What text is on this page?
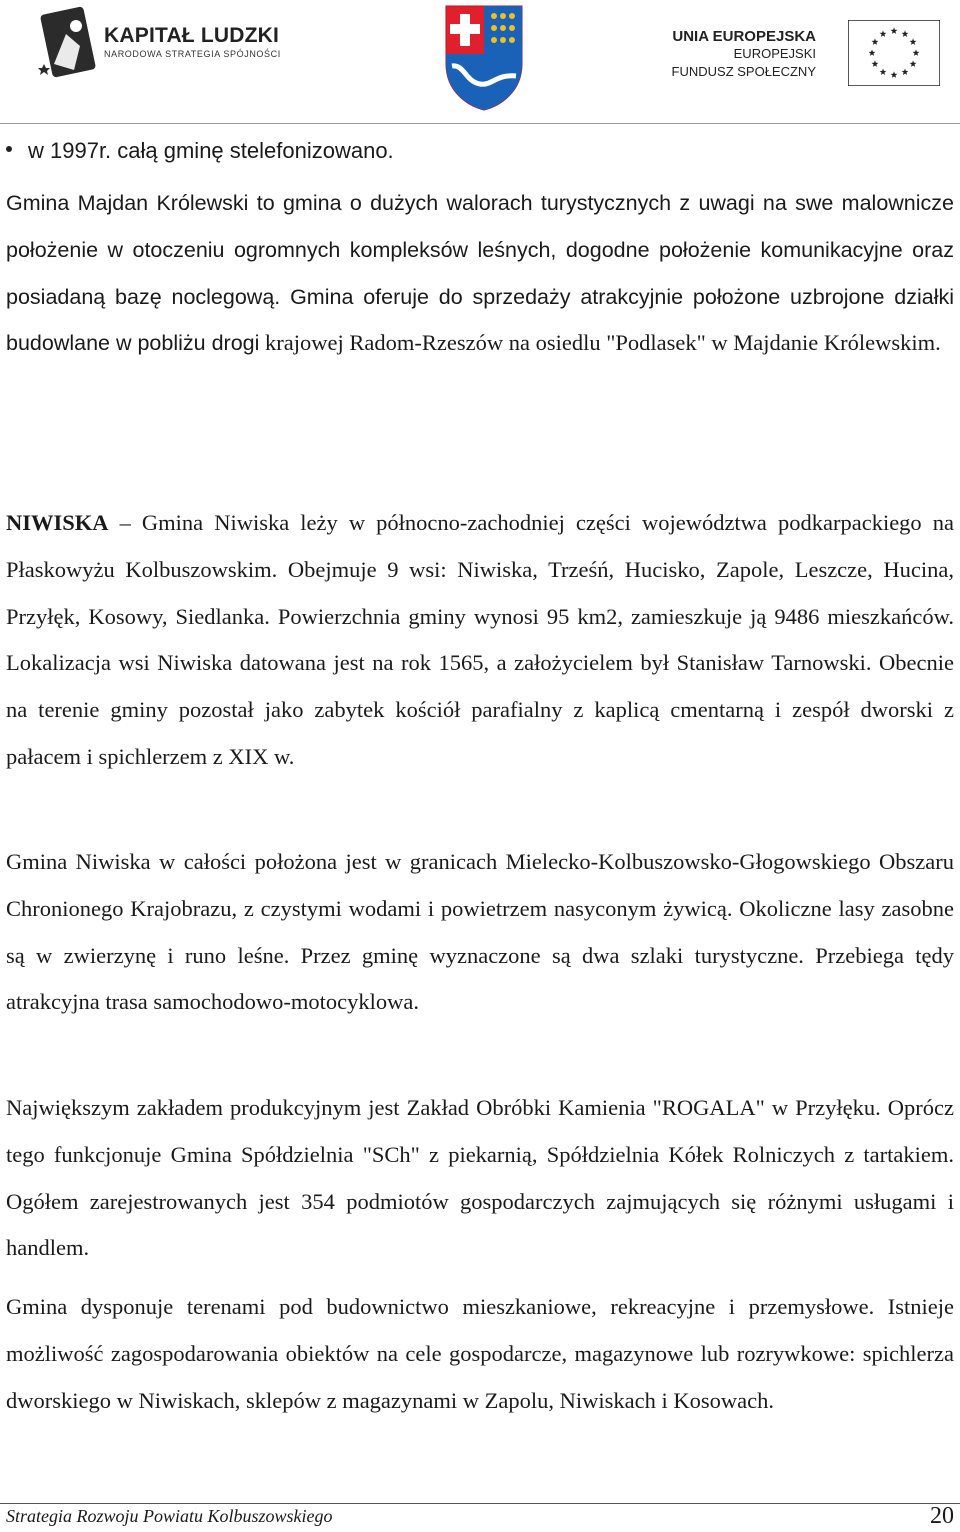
KAPITAŁ LUDZKI
NARODOWA STRATEGIA SPÓJNOŚCI
UNIA EUROPEJSKA
EUROPEJSKI
FUNDUSZ SPOŁECZNY
w 1997r. całą gminę stelefonizowano.

Gmina Majdan Królewski to gmina o dużych walorach turystycznych z uwagi na swe malownicze położenie w otoczeniu ogromnych kompleksów leśnych, dogodne położenie komunikacyjne oraz posiadaną bazę noclegową. Gmina oferuje do sprzedaży atrakcyjnie położone uzbrojone działki budowlane w pobliżu drogi krajowej Radom-Rzeszów na osiedlu "Podlasek" w Majdanie Królewskim.

NIWISKA – Gmina Niwiska leży w północno-zachodniej części województwa podkarpackiego na Płaskowyżu Kolbuszowskim. Obejmuje 9 wsi: Niwiska, Trześń, Hucisko, Zapole, Leszcze, Hucina, Przyłęk, Kosowy, Siedlanka. Powierzchnia gminy wynosi 95 km2, zamieszkuje ją 9486 mieszkańców. Lokalizacja wsi Niwiska datowana jest na rok 1565, a założycielem był Stanisław Tarnowski. Obecnie na terenie gminy pozostał jako zabytek kościół parafialny z kaplicą cmentarną i zespół dworski z pałacem i spichlerzem z XIX w.

Gmina Niwiska w całości położona jest w granicach Mielecko-Kolbuszowsko-Głogowskiego Obszaru Chronionego Krajobrazu, z czystymi wodami i powietrzem nasyconym żywicą. Okoliczne lasy zasobne są w zwierzynę i runo leśne. Przez gminę wyznaczone są dwa szlaki turystyczne. Przebiega tędy atrakcyjna trasa samochodowo-motocyklowa.

Największym zakładem produkcyjnym jest Zakład Obróbki Kamienia "ROGALA" w Przyłęku. Oprócz tego funkcjonuje Gmina Spółdzielnia "SCh" z piekarnią, Spółdzielnia Kółek Rolniczych z tartakiem. Ogółem zarejestrowanych jest 354 podmiotów gospodarczych zajmujących się różnymi usługami i handlem.

Gmina dysponuje terenami pod budownictwo mieszkaniowe, rekreacyjne i przemysłowe. Istnieje możliwość zagospodarowania obiektów na cele gospodarcze, magazynowe lub rozrywkowe: spichlerza dworskiego w Niwiskach, sklepów z magazynami w Zapolu, Niwiskach i Kosowach.

Strategia Rozwoju Powiatu Kolbuszowskiego	20
